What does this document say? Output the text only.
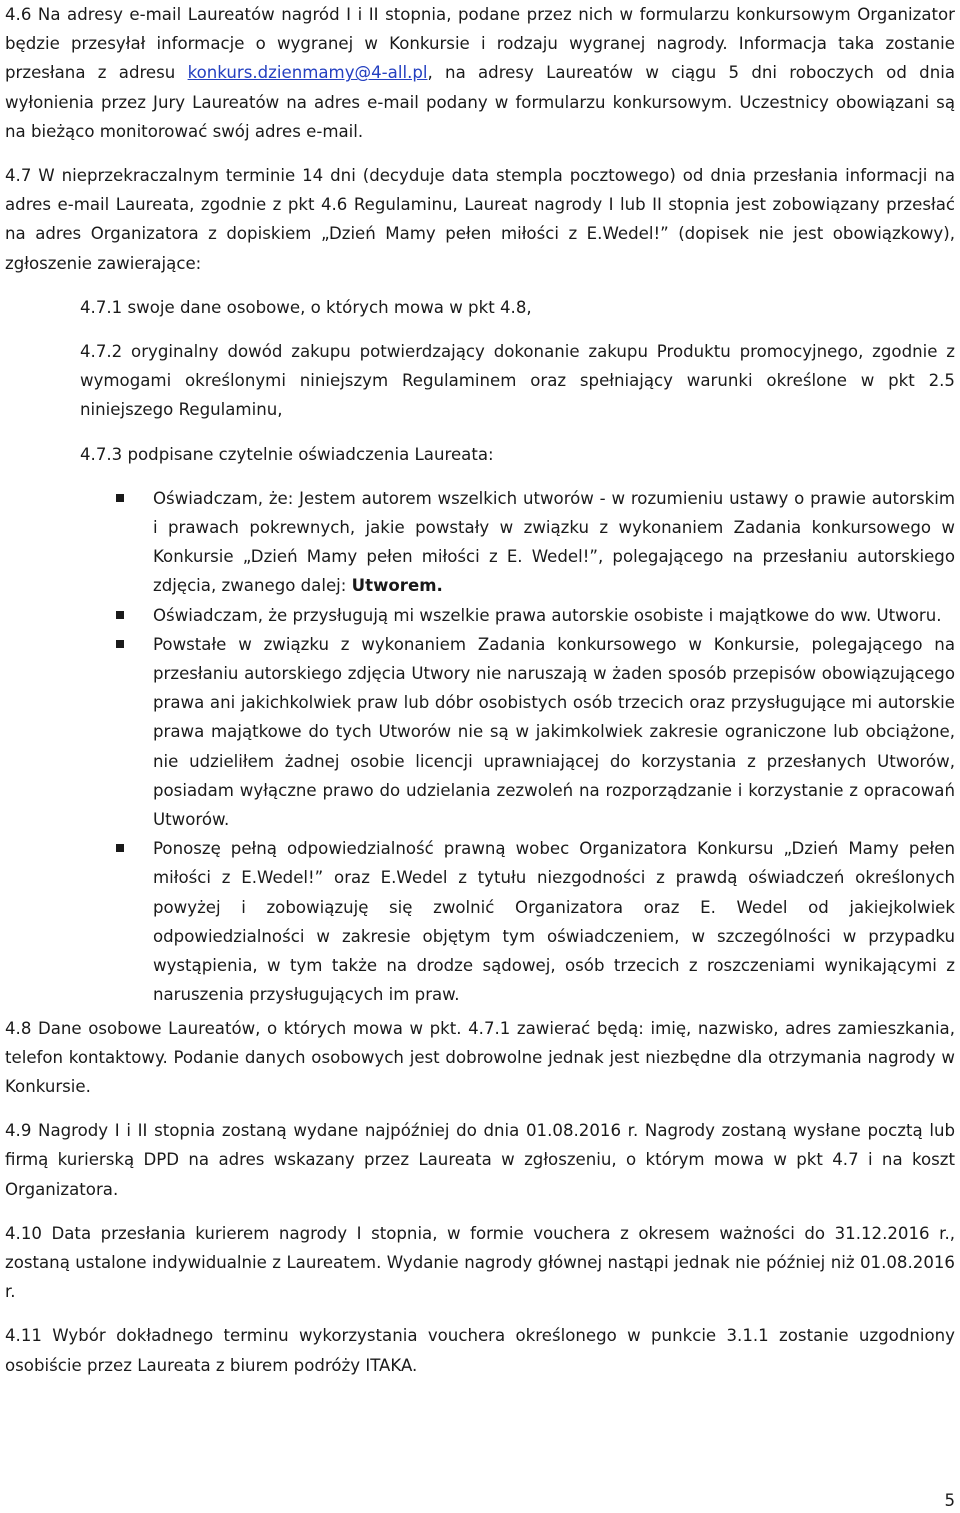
4.6 Na adresy e-mail Laureatów nagród I i II stopnia, podane przez nich w formularzu konkursowym Organizator będzie przesyłał informacje o wygranej w Konkursie i rodzaju wygranej nagrody. Informacja taka zostanie przesłana z adresu konkurs.dzienmamy@4-all.pl, na adresy Laureatów w ciągu 5 dni roboczych od dnia wyłonienia przez Jury Laureatów na adres e-mail podany w formularzu konkursowym. Uczestnicy obowiązani są na bieżąco monitorować swój adres e-mail.

4.7 W nieprzekraczalnym terminie 14 dni (decyduje data stempla pocztowego) od dnia przesłania informacji na adres e-mail Laureata, zgodnie z pkt 4.6 Regulaminu, Laureat nagrody I lub II stopnia jest zobowiązany przesłać na adres Organizatora z dopiskiem „Dzień Mamy pełen miłości z E.Wedel!” (dopisek nie jest obowiązkowy), zgłoszenie zawierające:

4.7.1 swoje dane osobowe, o których mowa w pkt 4.8,

4.7.2 oryginalny dowód zakupu potwierdzający dokonanie zakupu Produktu promocyjnego, zgodnie z wymogami określonymi niniejszym Regulaminem oraz spełniający warunki określone w pkt 2.5 niniejszego Regulaminu,

4.7.3 podpisane czytelnie oświadczenia Laureata:

Oświadczam, że: Jestem autorem wszelkich utworów - w rozumieniu ustawy o prawie autorskim i prawach pokrewnych, jakie powstały w związku z wykonaniem Zadania konkursowego w Konkursie „Dzień Mamy pełen miłości z E. Wedel!”, polegającego na przesłaniu autorskiego zdjęcia, zwanego dalej: Utworem.
Oświadczam, że przysługują mi wszelkie prawa autorskie osobiste i majątkowe do ww. Utworu.
Powstałe w związku z wykonaniem Zadania konkursowego w Konkursie, polegającego na przesłaniu autorskiego zdjęcia Utwory nie naruszają w żaden sposób przepisów obowiązującego prawa ani jakichkolwiek praw lub dóbr osobistych osób trzecich oraz przysługujące mi autorskie prawa majątkowe do tych Utworów nie są w jakimkolwiek zakresie ograniczone lub obciążone, nie udzieliłem żadnej osobie licencji uprawniającej do korzystania z przesłanych Utworów, posiadam wyłączne prawo do udzielania zezwoleń na rozporządzanie i korzystanie z opracowań Utworów.
Ponoszę pełną odpowiedzialność prawną wobec Organizatora Konkursu „Dzień Mamy pełen miłości z E.Wedel!” oraz E.Wedel z tytułu niezgodności z prawdą oświadczeń określonych powyżej i zobowiązuję się zwolnić Organizatora oraz E. Wedel od jakiejkolwiek odpowiedzialności w zakresie objętym tym oświadczeniem, w szczególności w przypadku wystąpienia, w tym także na drodze sądowej, osób trzecich z roszczeniami wynikającymi z naruszenia przysługujących im praw.

4.8 Dane osobowe Laureatów, o których mowa w pkt. 4.7.1 zawierać będą: imię, nazwisko, adres zamieszkania, telefon kontaktowy. Podanie danych osobowych jest dobrowolne jednak jest niezbędne dla otrzymania nagrody w Konkursie.

4.9 Nagrody I i II stopnia zostaną wydane najpóźniej do dnia 01.08.2016 r. Nagrody zostaną wysłane pocztą lub firmą kurierską DPD na adres wskazany przez Laureata w zgłoszeniu, o którym mowa w pkt 4.7 i na koszt Organizatora.

4.10 Data przesłania kurierem nagrody I stopnia, w formie vouchera z okresem ważności do 31.12.2016 r., zostaną ustalone indywidualnie z Laureatem. Wydanie nagrody głównej nastąpi jednak nie później niż 01.08.2016 r.

4.11 Wybór dokładnego terminu wykorzystania vouchera określonego w punkcie 3.1.1 zostanie uzgodniony osobiście przez Laureata z biurem podróży ITAKA.

5
